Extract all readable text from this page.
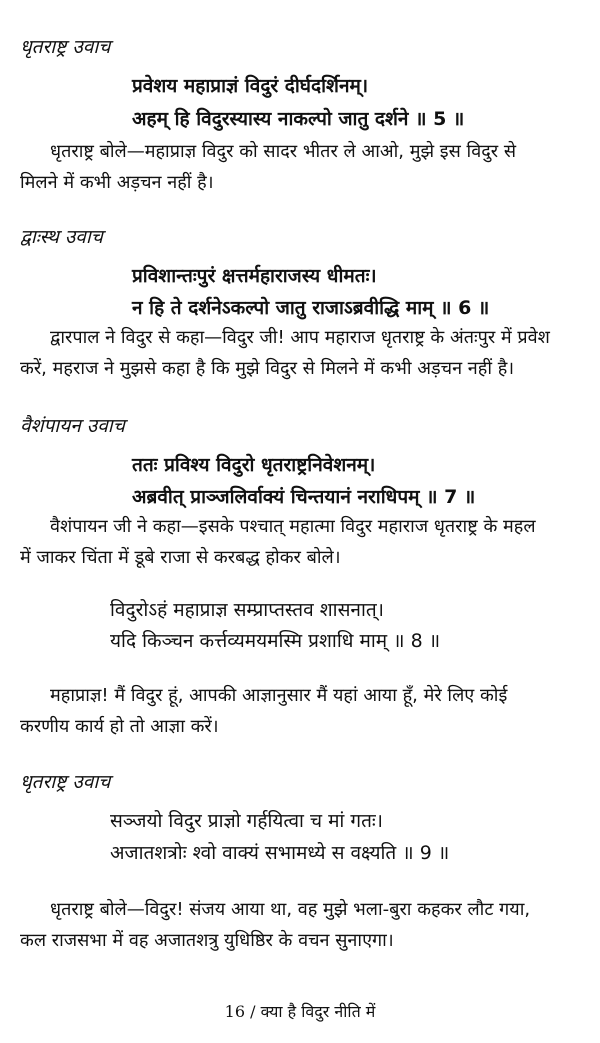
धृतराष्ट्र उवाच
प्रवेशय महाप्राज्ञं विदुरं दीर्घदर्शिनम्।
अहम् हि विदुरस्यास्य नाकल्पो जातु दर्शने ॥ 5 ॥
धृतराष्ट्र बोले—महाप्राज्ञ विदुर को सादर भीतर ले आओ, मुझे इस विदुर से
मिलने में कभी अड़चन नहीं है।
द्वाःस्थ उवाच
प्रविशान्तःपुरं क्षत्तर्महाराजस्य धीमतः।
न हि ते दर्शनेऽकल्पो जातु राजाऽब्रवीद्धि माम् ॥ 6 ॥
द्वारपाल ने विदुर से कहा—विदुर जी! आप महाराज धृतराष्ट्र के अंतःपुर में प्रवेश
करें, महराज ने मुझसे कहा है कि मुझे विदुर से मिलने में कभी अड़चन नहीं है।
वैशंपायन उवाच
ततः प्रविश्य विदुरो धृतराष्ट्रनिवेशनम्।
अब्रवीत् प्राञ्जलिर्वाक्यं चिन्तयानं नराधिपम् ॥ 7 ॥
वैशंपायन जी ने कहा—इसके पश्चात् महात्मा विदुर महाराज धृतराष्ट्र के महल
में जाकर चिंता में डूबे राजा से करबद्ध होकर बोले।
विदुरोऽहं महाप्राज्ञ सम्प्राप्तस्तव शासनात्।
यदि किञ्चन कर्त्तव्यमयमस्मि प्रशाधि माम् ॥ 8 ॥
महाप्राज्ञ! मैं विदुर हूं, आपकी आज्ञानुसार मैं यहां आया हूँ, मेरे लिए कोई
करणीय कार्य हो तो आज्ञा करें।
धृतराष्ट्र उवाच
सञ्जयो विदुर प्राज्ञो गर्हयित्वा च मां गतः।
अजातशत्रोः श्वो वाक्यं सभामध्ये स वक्ष्यति ॥ 9 ॥
धृतराष्ट्र बोले—विदुर! संजय आया था, वह मुझे भला-बुरा कहकर लौट गया,
कल राजसभा में वह अजातशत्रु युधिष्ठिर के वचन सुनाएगा।
16 / क्या है विदुर नीति में
